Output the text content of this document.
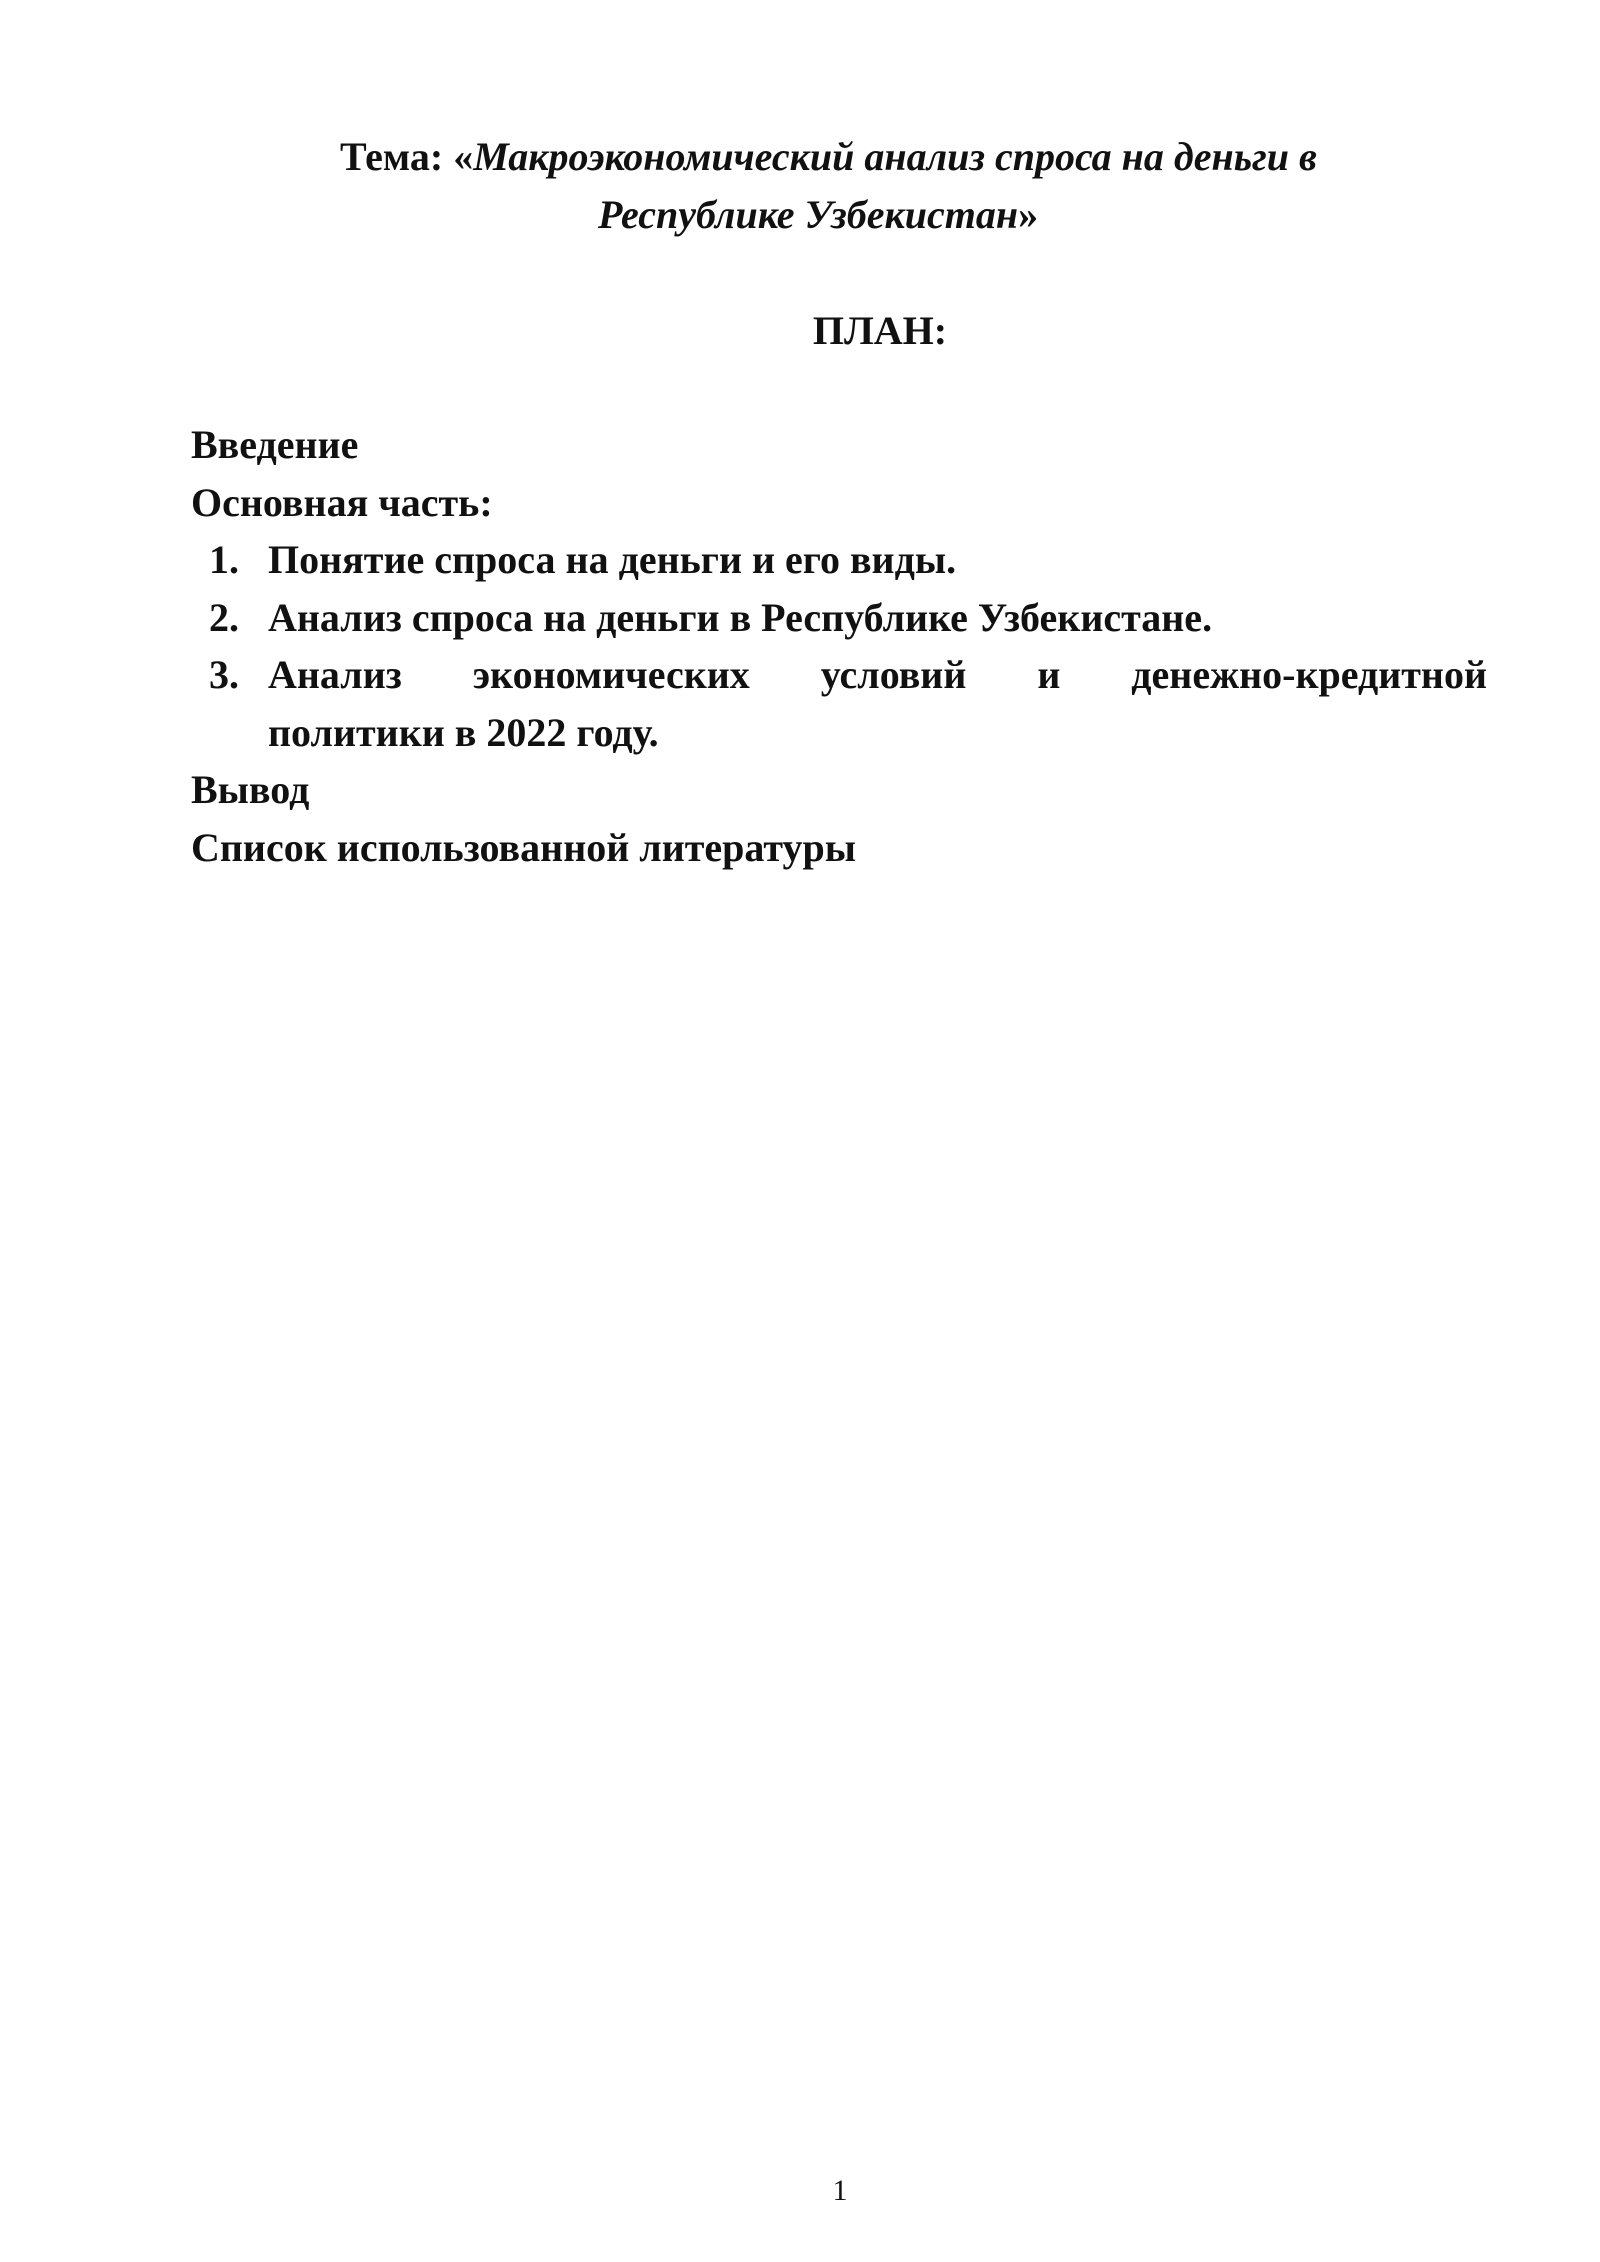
Тема: «Макроэкономический анализ спроса на деньги в
Республике Узбекистан»
ПЛАН:
Введение
Основная часть:
1. Понятие спроса на деньги и его виды.
2. Анализ спроса на деньги в Республике Узбекистане.
3. Анализ экономических условий и денежно-кредитной
политики в 2022 году.
Вывод
Список использованной литературы
1
